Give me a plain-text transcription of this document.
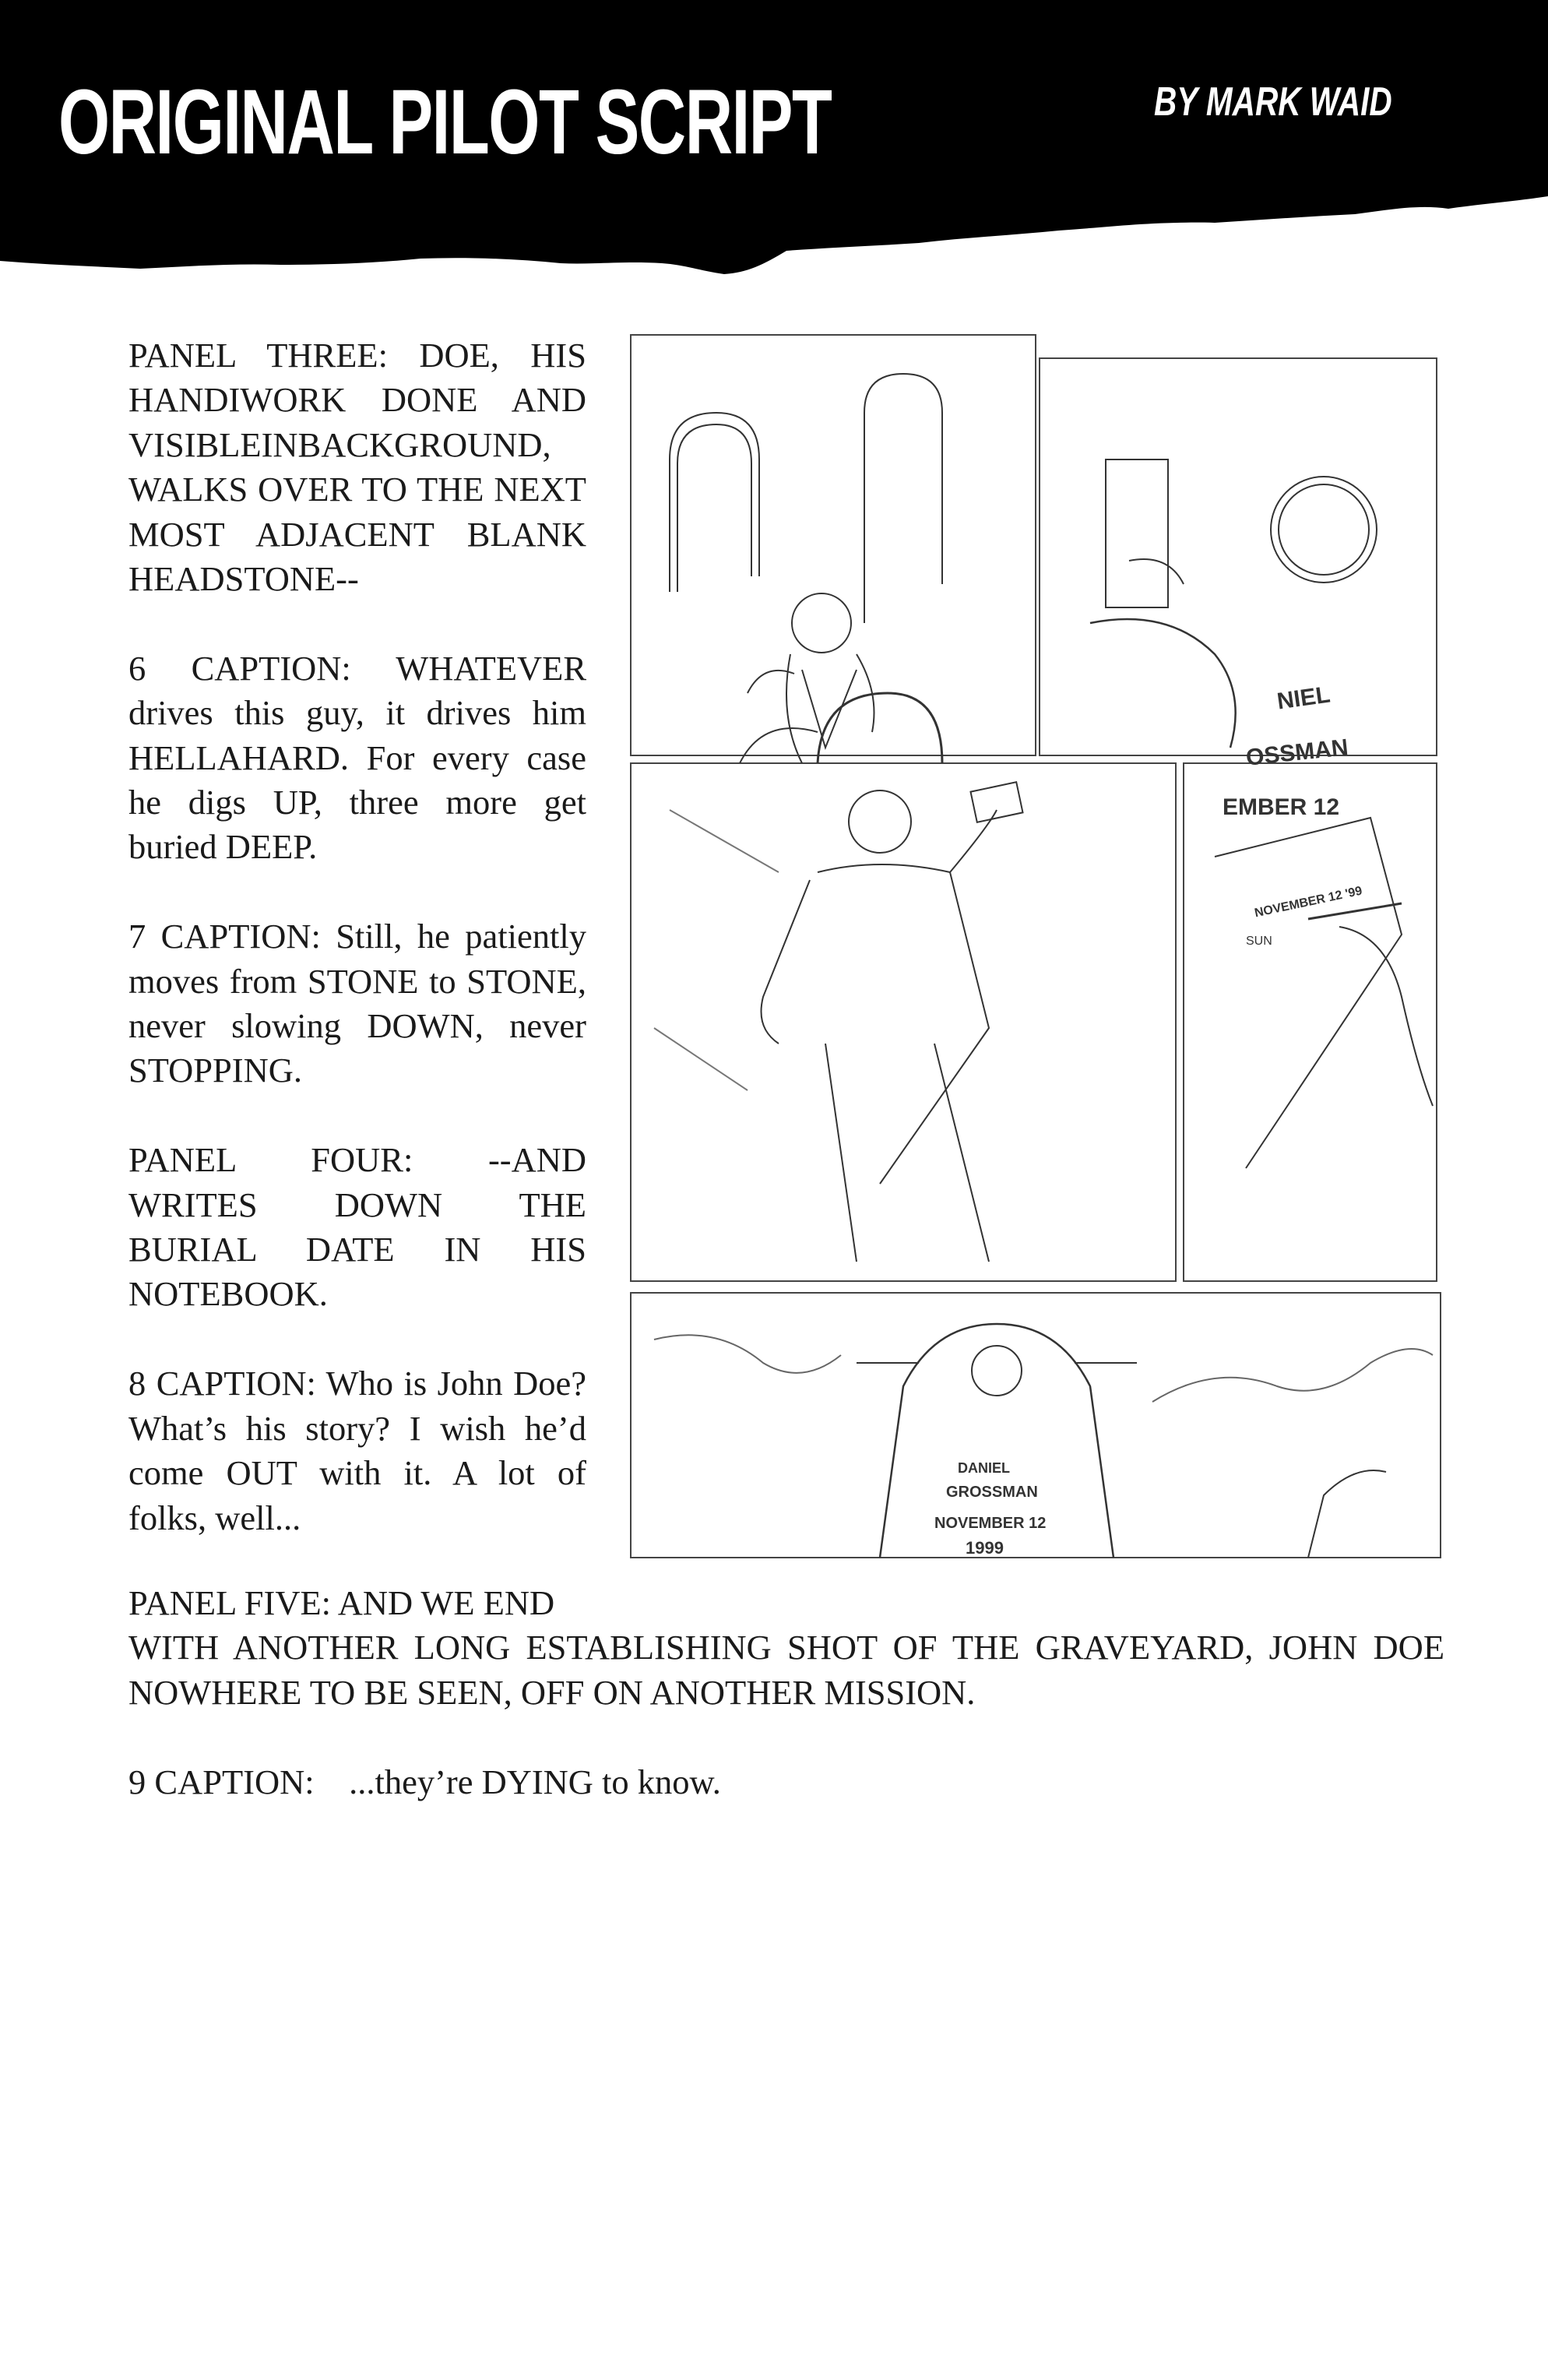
ORIGINAL PILOT SCRIPT	BY MARK WAID

PANEL THREE: DOE, HIS HANDIWORK DONE AND VISIBLEINBACKGROUND, WALKS OVER TO THE NEXT MOST ADJACENT BLANK HEADSTONE--

6 CAPTION: WHATEVER drives this guy, it drives him HELLAHARD. For every case he digs UP, three more get buried DEEP.

7 CAPTION: Still, he patiently moves from STONE to STONE, never slowing DOWN, never STOPPING.

PANEL FOUR: --AND WRITES DOWN THE BURIAL DATE IN HIS NOTEBOOK.

8 CAPTION: Who is John Doe? What’s his story? I wish he’d come OUT with it. A lot of folks, well...

NIEL
OSSMAN
EMBER 12
NOVEMBER 12 '99
SUN
DANIEL
GROSSMAN
NOVEMBER 12
1999
PANEL FIVE: AND WE END

WITH ANOTHER LONG ESTABLISHING SHOT OF THE GRAVEYARD, JOHN DOE NOWHERE TO BE SEEN, OFF ON ANOTHER MISSION.

9 CAPTION:    ...they’re DYING to know.
